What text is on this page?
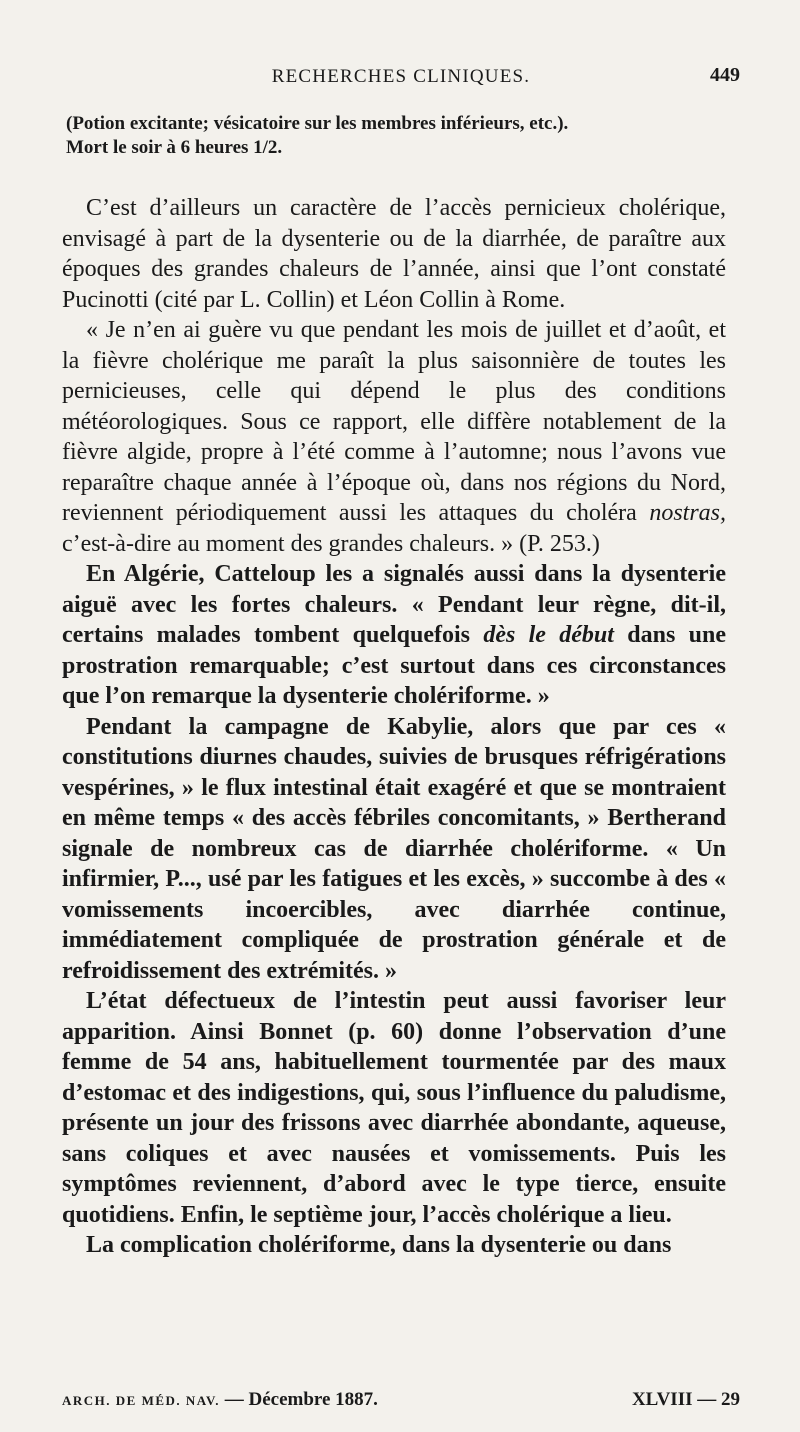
RECHERCHES CLINIQUES.	449
(Potion excitante; vésicatoire sur les membres inférieurs, etc.).
Mort le soir à 6 heures 1/2.

C’est d’ailleurs un caractère de l’accès pernicieux cholérique, envisagé à part de la dysenterie ou de la diarrhée, de paraître aux époques des grandes chaleurs de l’année, ainsi que l’ont constaté Pucinotti (cité par L. Collin) et Léon Collin à Rome.

« Je n’en ai guère vu que pendant les mois de juillet et d’août, et la fièvre cholérique me paraît la plus saisonnière de toutes les pernicieuses, celle qui dépend le plus des conditions météorologiques. Sous ce rapport, elle diffère notablement de la fièvre algide, propre à l’été comme à l’automne; nous l’avons vue reparaître chaque année à l’époque où, dans nos régions du Nord, reviennent périodiquement aussi les attaques du choléra nostras, c’est-à-dire au moment des grandes chaleurs. » (P. 253.)

En Algérie, Catteloup les a signalés aussi dans la dysenterie aiguë avec les fortes chaleurs. « Pendant leur règne, dit-il, certains malades tombent quelquefois dès le début dans une prostration remarquable; c’est surtout dans ces circonstances que l’on remarque la dysenterie cholériforme. »

Pendant la campagne de Kabylie, alors que par ces « constitutions diurnes chaudes, suivies de brusques réfrigérations vespérines, » le flux intestinal était exagéré et que se montraient en même temps « des accès fébriles concomitants, » Bertherand signale de nombreux cas de diarrhée cholériforme. « Un infirmier, P..., usé par les fatigues et les excès, » succombe à des « vomissements incoercibles, avec diarrhée continue, immédiatement compliquée de prostration générale et de refroidissement des extrémités. »

L’état défectueux de l’intestin peut aussi favoriser leur apparition. Ainsi Bonnet (p. 60) donne l’observation d’une femme de 54 ans, habituellement tourmentée par des maux d’estomac et des indigestions, qui, sous l’influence du paludisme, présente un jour des frissons avec diarrhée abondante, aqueuse, sans coliques et avec nausées et vomissements. Puis les symptômes reviennent, d’abord avec le type tierce, ensuite quotidiens. Enfin, le septième jour, l’accès cholérique a lieu.

La complication cholériforme, dans la dysenterie ou dans

ARCH. DE MÉD. NAV. — Décembre 1887.	XLVIII — 29
